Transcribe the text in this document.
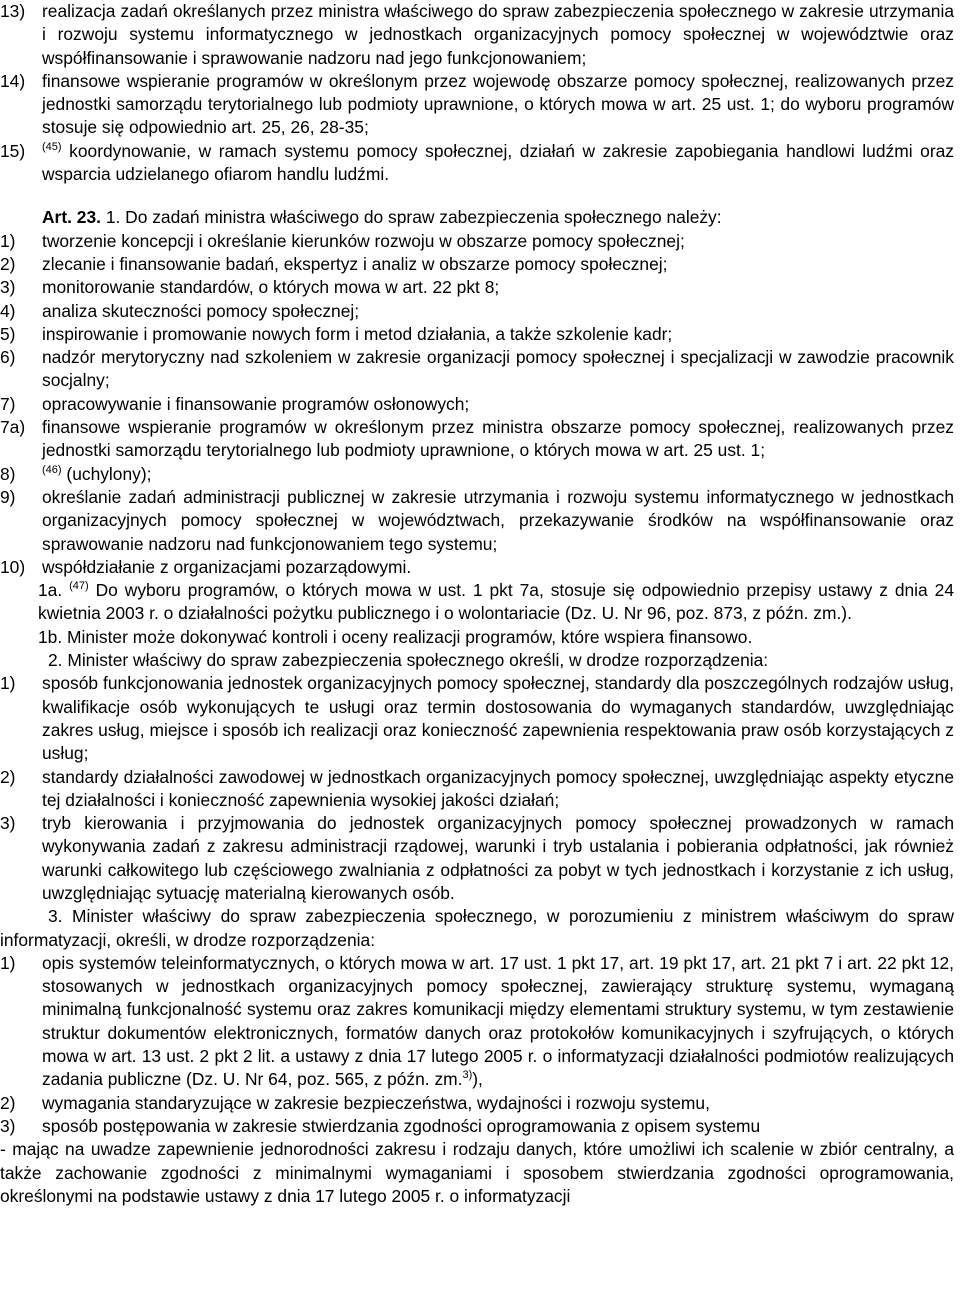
13) realizacja zadań określanych przez ministra właściwego do spraw zabezpieczenia społecznego w zakresie utrzymania i rozwoju systemu informatycznego w jednostkach organizacyjnych pomocy społecznej w województwie oraz współfinansowanie i sprawowanie nadzoru nad jego funkcjonowaniem;
14) finansowe wspieranie programów w określonym przez wojewodę obszarze pomocy społecznej, realizowanych przez jednostki samorządu terytorialnego lub podmioty uprawnione, o których mowa w art. 25 ust. 1; do wyboru programów stosuje się odpowiednio art. 25, 26, 28-35;
15) $^{(45)}$ koordynowanie, w ramach systemu pomocy społecznej, działań w zakresie zapobiegania handlowi ludźmi oraz wsparcia udzielanego ofiarom handlu ludźmi.
Art. 23. 1. Do zadań ministra właściwego do spraw zabezpieczenia społecznego należy:
1) tworzenie koncepcji i określanie kierunków rozwoju w obszarze pomocy społecznej;
2) zlecanie i finansowanie badań, ekspertyz i analiz w obszarze pomocy społecznej;
3) monitorowanie standardów, o których mowa w art. 22 pkt 8;
4) analiza skuteczności pomocy społecznej;
5) inspirowanie i promowanie nowych form i metod działania, a także szkolenie kadr;
6) nadzór merytoryczny nad szkoleniem w zakresie organizacji pomocy społecznej i specjalizacji w zawodzie pracownik socjalny;
7) opracowywanie i finansowanie programów osłonowych;
7a) finansowe wspieranie programów w określonym przez ministra obszarze pomocy społecznej, realizowanych przez jednostki samorządu terytorialnego lub podmioty uprawnione, o których mowa w art. 25 ust. 1;
8) $^{(46)}$ (uchylony);
9) określanie zadań administracji publicznej w zakresie utrzymania i rozwoju systemu informatycznego w jednostkach organizacyjnych pomocy społecznej w województwach, przekazywanie środków na współfinansowanie oraz sprawowanie nadzoru nad funkcjonowaniem tego systemu;
10) współdziałanie z organizacjami pozarządowymi.
1a. $^{(47)}$ Do wyboru programów, o których mowa w ust. 1 pkt 7a, stosuje się odpowiednio przepisy ustawy z dnia 24 kwietnia 2003 r. o działalności pożytku publicznego i o wolontariacie (Dz. U. Nr 96, poz. 873, z późn. zm.).
1b. Minister może dokonywać kontroli i oceny realizacji programów, które wspiera finansowo.
2. Minister właściwy do spraw zabezpieczenia społecznego określi, w drodze rozporządzenia:
1) sposób funkcjonowania jednostek organizacyjnych pomocy społecznej, standardy dla poszczególnych rodzajów usług, kwalifikacje osób wykonujących te usługi oraz termin dostosowania do wymaganych standardów, uwzględniając zakres usług, miejsce i sposób ich realizacji oraz konieczność zapewnienia respektowania praw osób korzystających z usług;
2) standardy działalności zawodowej w jednostkach organizacyjnych pomocy społecznej, uwzględniając aspekty etyczne tej działalności i konieczność zapewnienia wysokiej jakości działań;
3) tryb kierowania i przyjmowania do jednostek organizacyjnych pomocy społecznej prowadzonych w ramach wykonywania zadań z zakresu administracji rządowej, warunki i tryb ustalania i pobierania odpłatności, jak również warunki całkowitego lub częściowego zwalniania z odpłatności za pobyt w tych jednostkach i korzystanie z ich usług, uwzględniając sytuację materialną kierowanych osób.
3. Minister właściwy do spraw zabezpieczenia społecznego, w porozumieniu z ministrem właściwym do spraw informatyzacji, określi, w drodze rozporządzenia:
1) opis systemów teleinformatycznych, o których mowa w art. 17 ust. 1 pkt 17, art. 19 pkt 17, art. 21 pkt 7 i art. 22 pkt 12, stosowanych w jednostkach organizacyjnych pomocy społecznej, zawierający strukturę systemu, wymaganą minimalną funkcjonalność systemu oraz zakres komunikacji między elementami struktury systemu, w tym zestawienie struktur dokumentów elektronicznych, formatów danych oraz protokołów komunikacyjnych i szyfrujących, o których mowa w art. 13 ust. 2 pkt 2 lit. a ustawy z dnia 17 lutego 2005 r. o informatyzacji działalności podmiotów realizujących zadania publiczne (Dz. U. Nr 64, poz. 565, z późn. zm.$^{3)}$),
2) wymagania standaryzujące w zakresie bezpieczeństwa, wydajności i rozwoju systemu,
3) sposób postępowania w zakresie stwierdzania zgodności oprogramowania z opisem systemu
- mając na uwadze zapewnienie jednorodności zakresu i rodzaju danych, które umożliwi ich scalenie w zbiór centralny, a także zachowanie zgodności z minimalnymi wymaganiami i sposobem stwierdzania zgodności oprogramowania, określonymi na podstawie ustawy z dnia 17 lutego 2005 r. o informatyzacji
